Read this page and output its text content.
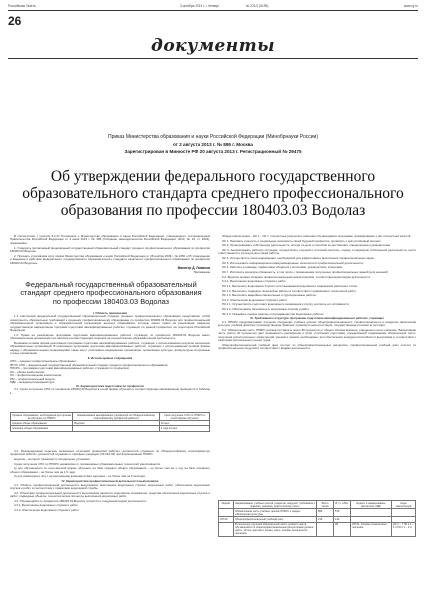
Российская Газета	3 октября 2013 г. • Четверг	№ 221/1 (6195)	www.rg.ru
26
документы
Приказ Министерства образования и науки Российской Федерации (Минобрнауки России)
от 2 августа 2013 г. № 895 г. Москва
Зарегистрирован в Минюсте РФ 20 августа 2013 г. Регистрационный № 29475
Об утверждении федерального государственного образовательного стандарта среднего профессионального образования по профессии 180403.03 Водолаз

В соответствии с пунктом 5.2.41 Положения о Министерстве образования и науки Российской Федерации, утвержденного постановлением Правительства Российской Федерации от 3 июня 2013 г. № 466 (Собрание законодательства Российской Федерации, 2013, № 23, ст. 2923), приказываю:

1. Утвердить прилагаемый федеральный государственный образовательный стандарт среднего профессионального образования по профессии 180403.03 Водолаз.

2. Признать утратившим силу приказ Министерства образования и науки Российской Федерации от 28 ноября 2009 г. № 1050 «Об утверждении и введении в действие федерального государственного образовательного стандарта начального профессионального образования по профессии 180403.03 Водолаз».

Министр Д. Ливанов
Приложение
Федеральный государственный образовательный стандарт среднего профессионального образования по профессии 180403.03 Водолаз
I. Область применения

1.1. Настоящий федеральный государственный образовательный стандарт среднего профессионального образования представляет собой совокупность обязательных требований к среднему профессиональному образованию по профессии 180403.03 Водолаз для профессиональной образовательной организации и образовательной организации высшего образования, которые имеют право на реализацию имеющих государственную аккредитацию программ подготовки квалифицированных рабочих, служащих по данной профессии, на территории Российской Федерации.

1.2. Право на реализацию программы подготовки квалифицированных рабочих, служащих по профессии 180403.03 Водолаз имеет образовательная организация при наличии соответствующей лицензии на осуществление образовательной деятельности.

Возможна сетевая форма реализации программы подготовки квалифицированных рабочих, служащих с использованием ресурсов нескольких образовательных организаций. В реализации программы подготовки квалифицированных рабочих, служащих с использованием сетевой формы наряду с образовательными организациями также могут участвовать медицинские организации, организации культуры, физкультурно-спортивные и иные организации.

II. Используемые сокращения
СПО – среднее профессиональное образование;
ФГОС СПО – федеральный государственный образовательный стандарт среднего профессионального образования;
ППКРС – программа подготовки квалифицированных рабочих, служащих по профессии;
ОК – общая компетенция;
ПК – профессиональная компетенция;
ПМ – профессиональный модуль;
МДК – междисциплинарный курс.
III. Характеристика подготовки по профессии

3.1. Сроки получения СПО по профессии 180403.03 Водолаз в очной форме обучения и соответствующие квалификации приводятся в Таблице 1.

Уровень образования, необходимый для приема на обучение по ППКРС	Наименование квалификации (профессий по Общероссийскому классификатору профессий рабочих)	Срок получения СПО по ППКРС в очной форме обучения
среднее общее образование	Водолаз	10 мес.
основное общее образование		2 года 10 мес.

3.2. Рекомендуемый перечень возможных сочетаний профессий рабочих, должностей служащих по Общероссийскому классификатору профессий рабочих, должностей служащих и тарифных разрядов (ОК 016-94) при формировании ППКРС:

водолаз – моторист (машинист) холодильных установок.

Сроки получения СПО по ППКРС независимо от применяемых образовательных технологий увеличиваются:

а) для обучающихся по очно-заочной форме обучения: на базе среднего общего образования – не более чем на 1 год; на базе основного общего образования – не более чем на 1,5 года;

б) для инвалидов и лиц с ограниченными возможностями здоровья – не более чем на 6 месяцев.

IV. Характеристика профессиональной деятельности выпускников

4.1. Область профессиональной деятельности выпускников: выполнение водолазных спусков, водолазных работ, обеспечение водолазных спусков и работ в соответствии с правилами водолазной службы.

4.2. Объектами профессиональной деятельности выпускников являются: водолазное снаряжение; средства обеспечения водолазных спусков и работ; подводные объекты; технологические процессы выполнения водолазных работ.

4.3. Обучающийся по профессии 180403.03 Водолаз готовится к следующим видам деятельности:

4.3.1. Выполнение водолазных спусков и работ.

4.3.2. Обеспечение водолазных спусков и работ.

Общие компетенции – ОК 1 – ОК 7, личностные результаты освоения обучающимися программы, формирование у них личностных качеств.

ОК 1. Понимать сущность и социальную значимость своей будущей профессии, проявлять к ней устойчивый интерес.

ОК 2. Организовывать собственную деятельность, исходя из цели и способов ее достижения, определенных руководителем.

ОК 3. Анализировать рабочую ситуацию, осуществлять текущий и итоговый контроль, оценку и коррекцию собственной деятельности, нести ответственность за результаты своей работы.

ОК 4. Осуществлять поиск информации, необходимой для эффективного выполнения профессиональных задач.

ОК 5. Использовать информационно-коммуникационные технологии в профессиональной деятельности.

ОК 6. Работать в команде, эффективно общаться с коллегами, руководством, клиентами.

ОК 7. Исполнять воинскую обязанность, в том числе с применением полученных профессиональных знаний (для юношей).

5.2. Водолаз должен обладать профессиональными компетенциями, соответствующими видам деятельности:

5.2.1. Выполнение водолазных спусков и работ.

ПК 1.1. Выполнять водолазные спуски с использованием водолазного снаряжения различных типов.

ПК 1.2. Выполнять подводно-технические работы в соответствии с правилами и технологией работ.

ПК 1.3. Выполнять аварийно-спасательные и судоподъемные работы.

5.2.2. Обеспечение водолазных спусков и работ.

ПК 2.1. Осуществлять подготовку водолазного снаряжения к спуску, контроль его исправности.

ПК 2.2. Обеспечивать безопасность водолазных спусков и работ.

ПК 2.3. Оказывать первую помощь пострадавшим при водолазных работах.

VI. Требования к структуре программы подготовки квалифицированных рабочих, служащих

6.1. ППКРС предусматривает изучение следующих учебных циклов: общепрофессионального; профессионального и разделов: физическая культура; учебная практика; производственная практика; промежуточная аттестация; государственная итоговая аттестация.

6.2. Обязательная часть ППКРС должна составлять около 80 процентов от общего объема времени, отведенного на их освоение. Вариативная часть (около 20 процентов) дает возможность расширения и (или) углубления подготовки, определяемой содержанием обязательной части, получения дополнительных компетенций, умений и знаний, необходимых для обеспечения конкурентоспособности выпускника в соответствии с запросами регионального рынка труда.

Общепрофессиональный учебный цикл состоит из общепрофессиональных дисциплин, профессиональный учебный цикл состоит из профессиональных модулей в соответствии с видами деятельности.

Индекс	Наименование учебных циклов, разделов, модулей, требования к знаниям, умениям, практическому опыту	Всего часов	В т.ч. обяз.	Индекс и наименование дисциплин, МДК	Коды компетенций
	Обязательная часть учебных циклов ППКРС и раздел «Физическая культура»	864	576		
ОП.00	Общепрофессиональный учебный цикл	216	144		
	В результате изучения обязательной части учебного цикла обучающийся по общепрофессиональным дисциплинам должен: уметь: читать чертежи и схемы; знать: основы технического черчения;		48	ОП.01. Основы технического черчения	ОК 1 – 7 ПК 1.1 – 1.3 ПК 2.1 – 2.3
